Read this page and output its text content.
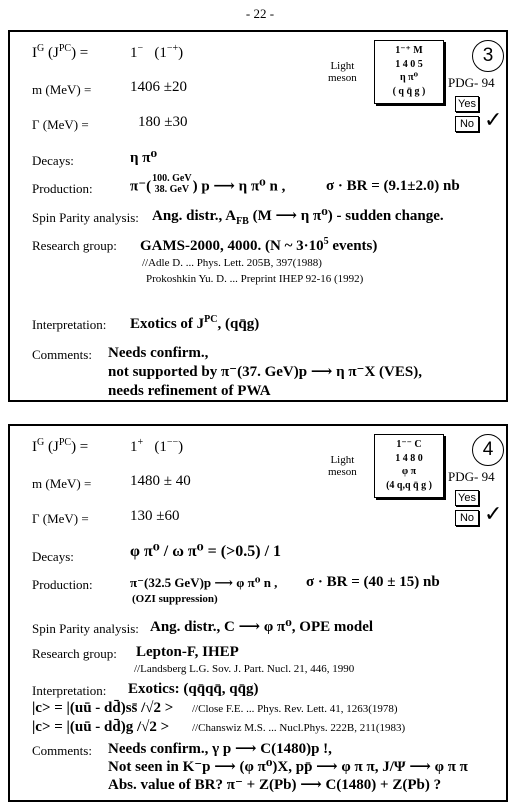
- 22 -
$I^G$ $(J^{PC})$ =	1− (1−+)
m (MeV) =	1406 ±20
Γ (MeV) =	180 ±30
Light
meson
1⁻⁺ M
1 4 0 5
η π⁰
( q q̄ g )
3
PDG- 94
Yes
No ✓
Decays:	η π⁰
Production: π⁻( 100. GeV
38. GeV ) p ⟶ η π⁰ n ,	σ · BR = (9.1±2.0) nb
Spin Parity analysis: Ang. distr., $A_{FB}$ (M ⟶ η π⁰) - sudden change.
Research group: GAMS-2000, 4000. (N ~ $3\cdot 10^5$ events)
//Adle D. ... Phys. Lett. 205B, 397(1988)
Prokoshkin Yu. D. ... Preprint IHEP 92-16 (1992)
Interpretation: Exotics of $J^{PC}$, (qq̄g)
Comments: Needs confirm.,
not supported by π⁻(37. GeV)p ⟶ η π⁻X (VES),
needs refinement of PWA
$I^G$ $(J^{PC})$ =	1+ (1−−)
m (MeV) =	1480 ± 40
Γ (MeV) =	130 ±60
Light
meson
1⁻⁻ C
1 4 8 0
φ π
(4 q,q q̄ g )
4
PDG- 94
Yes
No ✓
Decays:	φ π⁰ / ω π⁰ = (>0.5) / 1
Production:	π⁻(32.5 GeV)p ⟶ φ π⁰ n , σ · BR = (40 ± 15) nb
(OZI suppression)
Spin Parity analysis: Ang. distr., C ⟶ φ π⁰, OPE model
Research group: Lepton-F, IHEP
//Landsberg L.G. Sov. J. Part. Nucl. 21, 446, 1990
Interpretation: Exotics: (qq̄qq̄, qq̄g)
|c> = |(uū - dd̄)ss̄ /√2 > //Close F.E. ... Phys. Rev. Lett. 41, 1263(1978)
|c> = |(uū - dd̄)g /√2 > //Chanswiz M.S. ... Nucl.Phys. 222B, 211(1983)
Comments: Needs confirm., γ p ⟶ C(1480)p !,
Not seen in K⁻p ⟶ (φ π⁰)X, pp̄ ⟶ φ π π, J/Ψ ⟶ φ π π
Abs. value of BR? π⁻ + Z(Pb) ⟶ C(1480) + Z(Pb) ?
